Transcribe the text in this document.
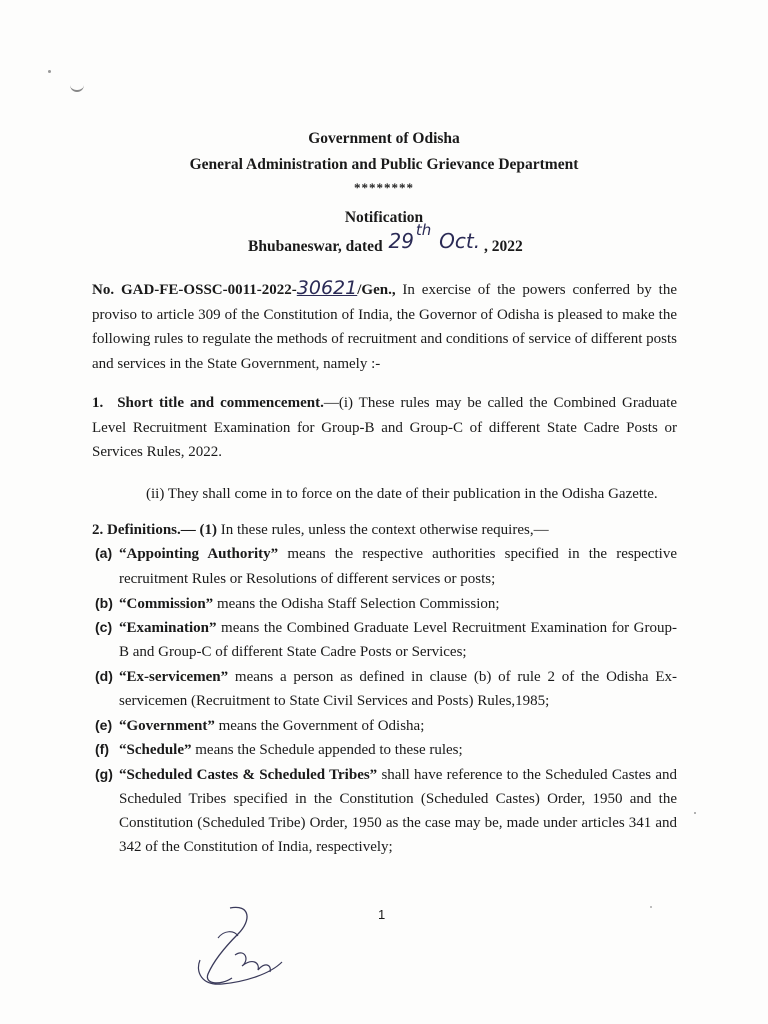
Government of Odisha
General Administration and Public Grievance Department
********
Notification
Bhubaneswar, dated 29 th Oct. , 2022
No. GAD-FE-OSSC-0011-2022-30621/Gen., In exercise of the powers conferred by the proviso to article 309 of the Constitution of India, the Governor of Odisha is pleased to make the following rules to regulate the methods of recruitment and conditions of service of different posts and services in the State Government, namely :-
1. Short title and commencement.—(i) These rules may be called the Combined Graduate Level Recruitment Examination for Group-B and Group-C of different State Cadre Posts or Services Rules, 2022.
(ii) They shall come in to force on the date of their publication in the Odisha Gazette.
2. Definitions.— (1) In these rules, unless the context otherwise requires,—
(a) “Appointing Authority” means the respective authorities specified in the respective
recruitment Rules or Resolutions of different services or posts;
(b) “Commission” means the Odisha Staff Selection Commission;
(c) “Examination” means the Combined Graduate Level Recruitment Examination for Group-
B and Group-C of different State Cadre Posts or Services;
(d) “Ex-servicemen” means a person as defined in clause (b) of rule 2 of the Odisha Ex-
servicemen (Recruitment to State Civil Services and Posts) Rules,1985;
(e) “Government” means the Government of Odisha;
(f) “Schedule” means the Schedule appended to these rules;
(g) “Scheduled Castes & Scheduled Tribes” shall have reference to the Scheduled Castes and
Scheduled Tribes specified in the Constitution (Scheduled Castes) Order, 1950 and the
Constitution (Scheduled Tribe) Order, 1950 as the case may be, made under articles 341 and
342 of the Constitution of India, respectively;
1
